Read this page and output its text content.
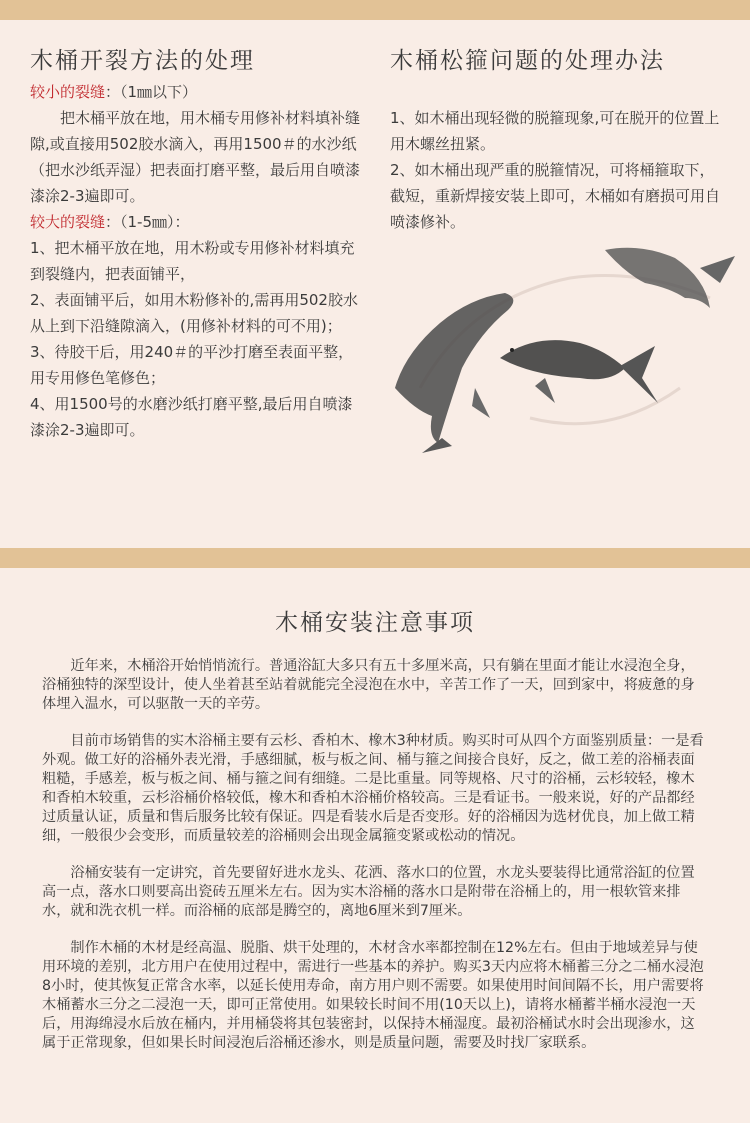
木桶开裂方法的处理	木桶松箍问题的处理办法

较小的裂缝：（1㎜以下）

把木桶平放在地，用木桶专用修补材料填补缝隙,或直接用502胶水滴入，再用1500＃的水沙纸（把水沙纸弄湿）把表面打磨平整，最后用自喷漆漆涂2-3遍即可。

较大的裂缝：（1-5㎜）：

1、把木桶平放在地，用木粉或专用修补材料填充到裂缝内，把表面铺平，

2、表面铺平后，如用木粉修补的,需再用502胶水从上到下沿缝隙滴入，(用修补材料的可不用)；

3、待胶干后，用240＃的平沙打磨至表面平整，用专用修色笔修色；

4、用1500号的水磨沙纸打磨平整,最后用自喷漆漆涂2-3遍即可。

1、如木桶出现轻微的脱箍现象,可在脱开的位置上用木螺丝扭紧。

2、如木桶出现严重的脱箍情况，可将桶箍取下，截短，重新焊接安装上即可，木桶如有磨损可用自喷漆修补。

木桶安装注意事项

近年来，木桶浴开始悄悄流行。普通浴缸大多只有五十多厘米高，只有躺在里面才能让水浸泡全身，浴桶独特的深型设计，使人坐着甚至站着就能完全浸泡在水中，辛苦工作了一天，回到家中，将疲惫的身体埋入温水，可以驱散一天的辛劳。

目前市场销售的实木浴桶主要有云杉、香柏木、橡木3种材质。购买时可从四个方面鉴别质量：一是看外观。做工好的浴桶外表光滑，手感细腻，板与板之间、桶与箍之间接合良好，反之，做工差的浴桶表面粗糙，手感差，板与板之间、桶与箍之间有细缝。二是比重量。同等规格、尺寸的浴桶，云杉较轻，橡木和香柏木较重，云杉浴桶价格较低，橡木和香柏木浴桶价格较高。三是看证书。一般来说，好的产品都经过质量认证，质量和售后服务比较有保证。四是看装水后是否变形。好的浴桶因为选材优良，加上做工精细，一般很少会变形，而质量较差的浴桶则会出现金属箍变紧或松动的情况。

浴桶安装有一定讲究，首先要留好进水龙头、花洒、落水口的位置，水龙头要装得比通常浴缸的位置高一点，落水口则要高出瓷砖五厘米左右。因为实木浴桶的落水口是附带在浴桶上的，用一根软管来排水，就和洗衣机一样。而浴桶的底部是腾空的，离地6厘米到7厘米。

制作木桶的木材是经高温、脱脂、烘干处理的，木材含水率都控制在12%左右。但由于地域差异与使用环境的差别，北方用户在使用过程中，需进行一些基本的养护。购买3天内应将木桶蓄三分之二桶水浸泡8小时，使其恢复正常含水率，以延长使用寿命，南方用户则不需要。如果使用时间间隔不长，用户需要将木桶蓄水三分之二浸泡一天，即可正常使用。如果较长时间不用(10天以上)，请将水桶蓄半桶水浸泡一天后，用海绵浸水后放在桶内，并用桶袋将其包装密封，以保持木桶湿度。最初浴桶试水时会出现渗水，这属于正常现象，但如果长时间浸泡后浴桶还渗水，则是质量问题，需要及时找厂家联系。
